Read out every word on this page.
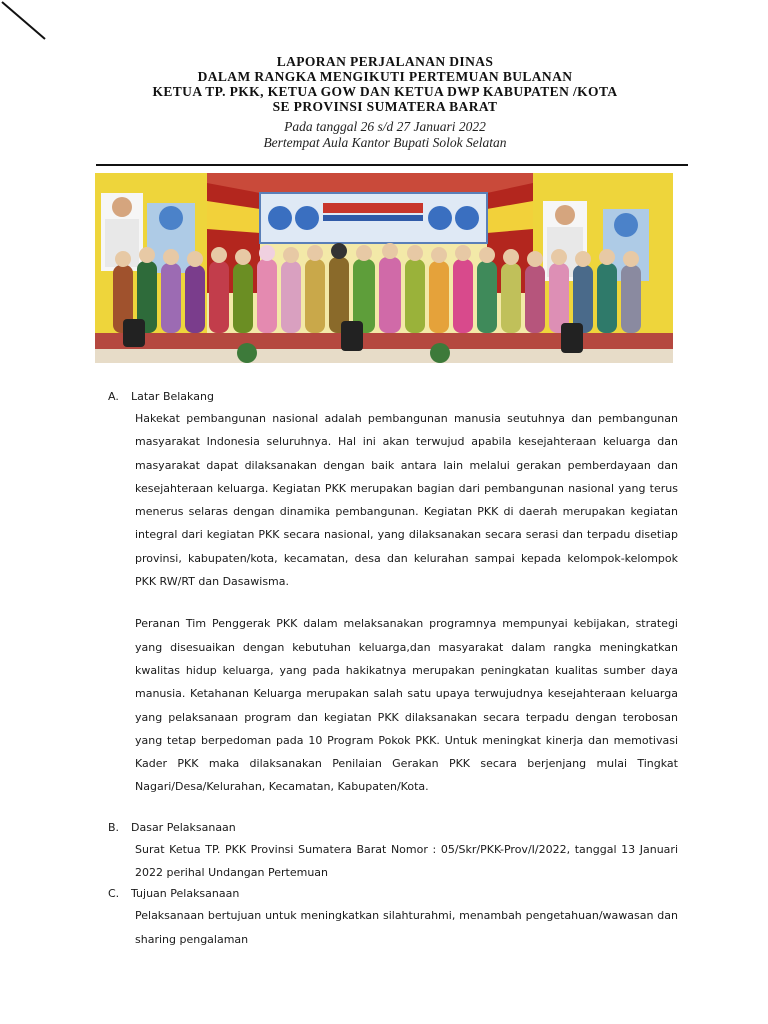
LAPORAN PERJALANAN DINAS
DALAM RANGKA MENGIKUTI PERTEMUAN BULANAN
KETUA TP. PKK, KETUA GOW DAN KETUA DWP KABUPATEN /KOTA
SE PROVINSI SUMATERA BARAT
Pada tanggal 26 s/d 27 Januari 2022
Bertempat Aula Kantor Bupati Solok Selatan
A.	Latar Belakang
Hakekat pembangunan nasional adalah pembangunan manusia seutuhnya dan pembangunan masyarakat Indonesia seluruhnya. Hal ini akan terwujud apabila kesejahteraan keluarga dan masyarakat dapat dilaksanakan dengan baik antara lain melalui gerakan pemberdayaan dan kesejahteraan keluarga. Kegiatan PKK merupakan bagian dari pembangunan nasional yang terus menerus selaras dengan dinamika pembangunan. Kegiatan PKK di daerah merupakan kegiatan integral dari kegiatan PKK secara nasional, yang dilaksanakan secara serasi dan terpadu disetiap provinsi, kabupaten/kota, kecamatan, desa dan kelurahan sampai kepada kelompok-kelompok PKK RW/RT dan Dasawisma.
Peranan Tim Penggerak PKK dalam melaksanakan programnya mempunyai kebijakan, strategi yang disesuaikan dengan kebutuhan keluarga,dan masyarakat dalam rangka meningkatkan kwalitas hidup keluarga, yang pada hakikatnya merupakan peningkatan kualitas sumber daya manusia. Ketahanan Keluarga merupakan salah satu upaya terwujudnya kesejahteraan keluarga yang pelaksanaan program dan kegiatan PKK dilaksanakan secara terpadu dengan terobosan yang tetap berpedoman pada 10 Program Pokok PKK. Untuk meningkat kinerja dan memotivasi Kader PKK maka dilaksanakan Penilaian Gerakan PKK secara berjenjang mulai Tingkat Nagari/Desa/Kelurahan, Kecamatan, Kabupaten/Kota.
B.	Dasar Pelaksanaan
Surat Ketua TP. PKK Provinsi Sumatera Barat Nomor : 05/Skr/PKK-Prov/I/2022, tanggal 13 Januari 2022 perihal Undangan Pertemuan
C.	Tujuan Pelaksanaan
Pelaksanaan bertujuan untuk meningkatkan silahturahmi, menambah pengetahuan/wawasan dan sharing pengalaman
